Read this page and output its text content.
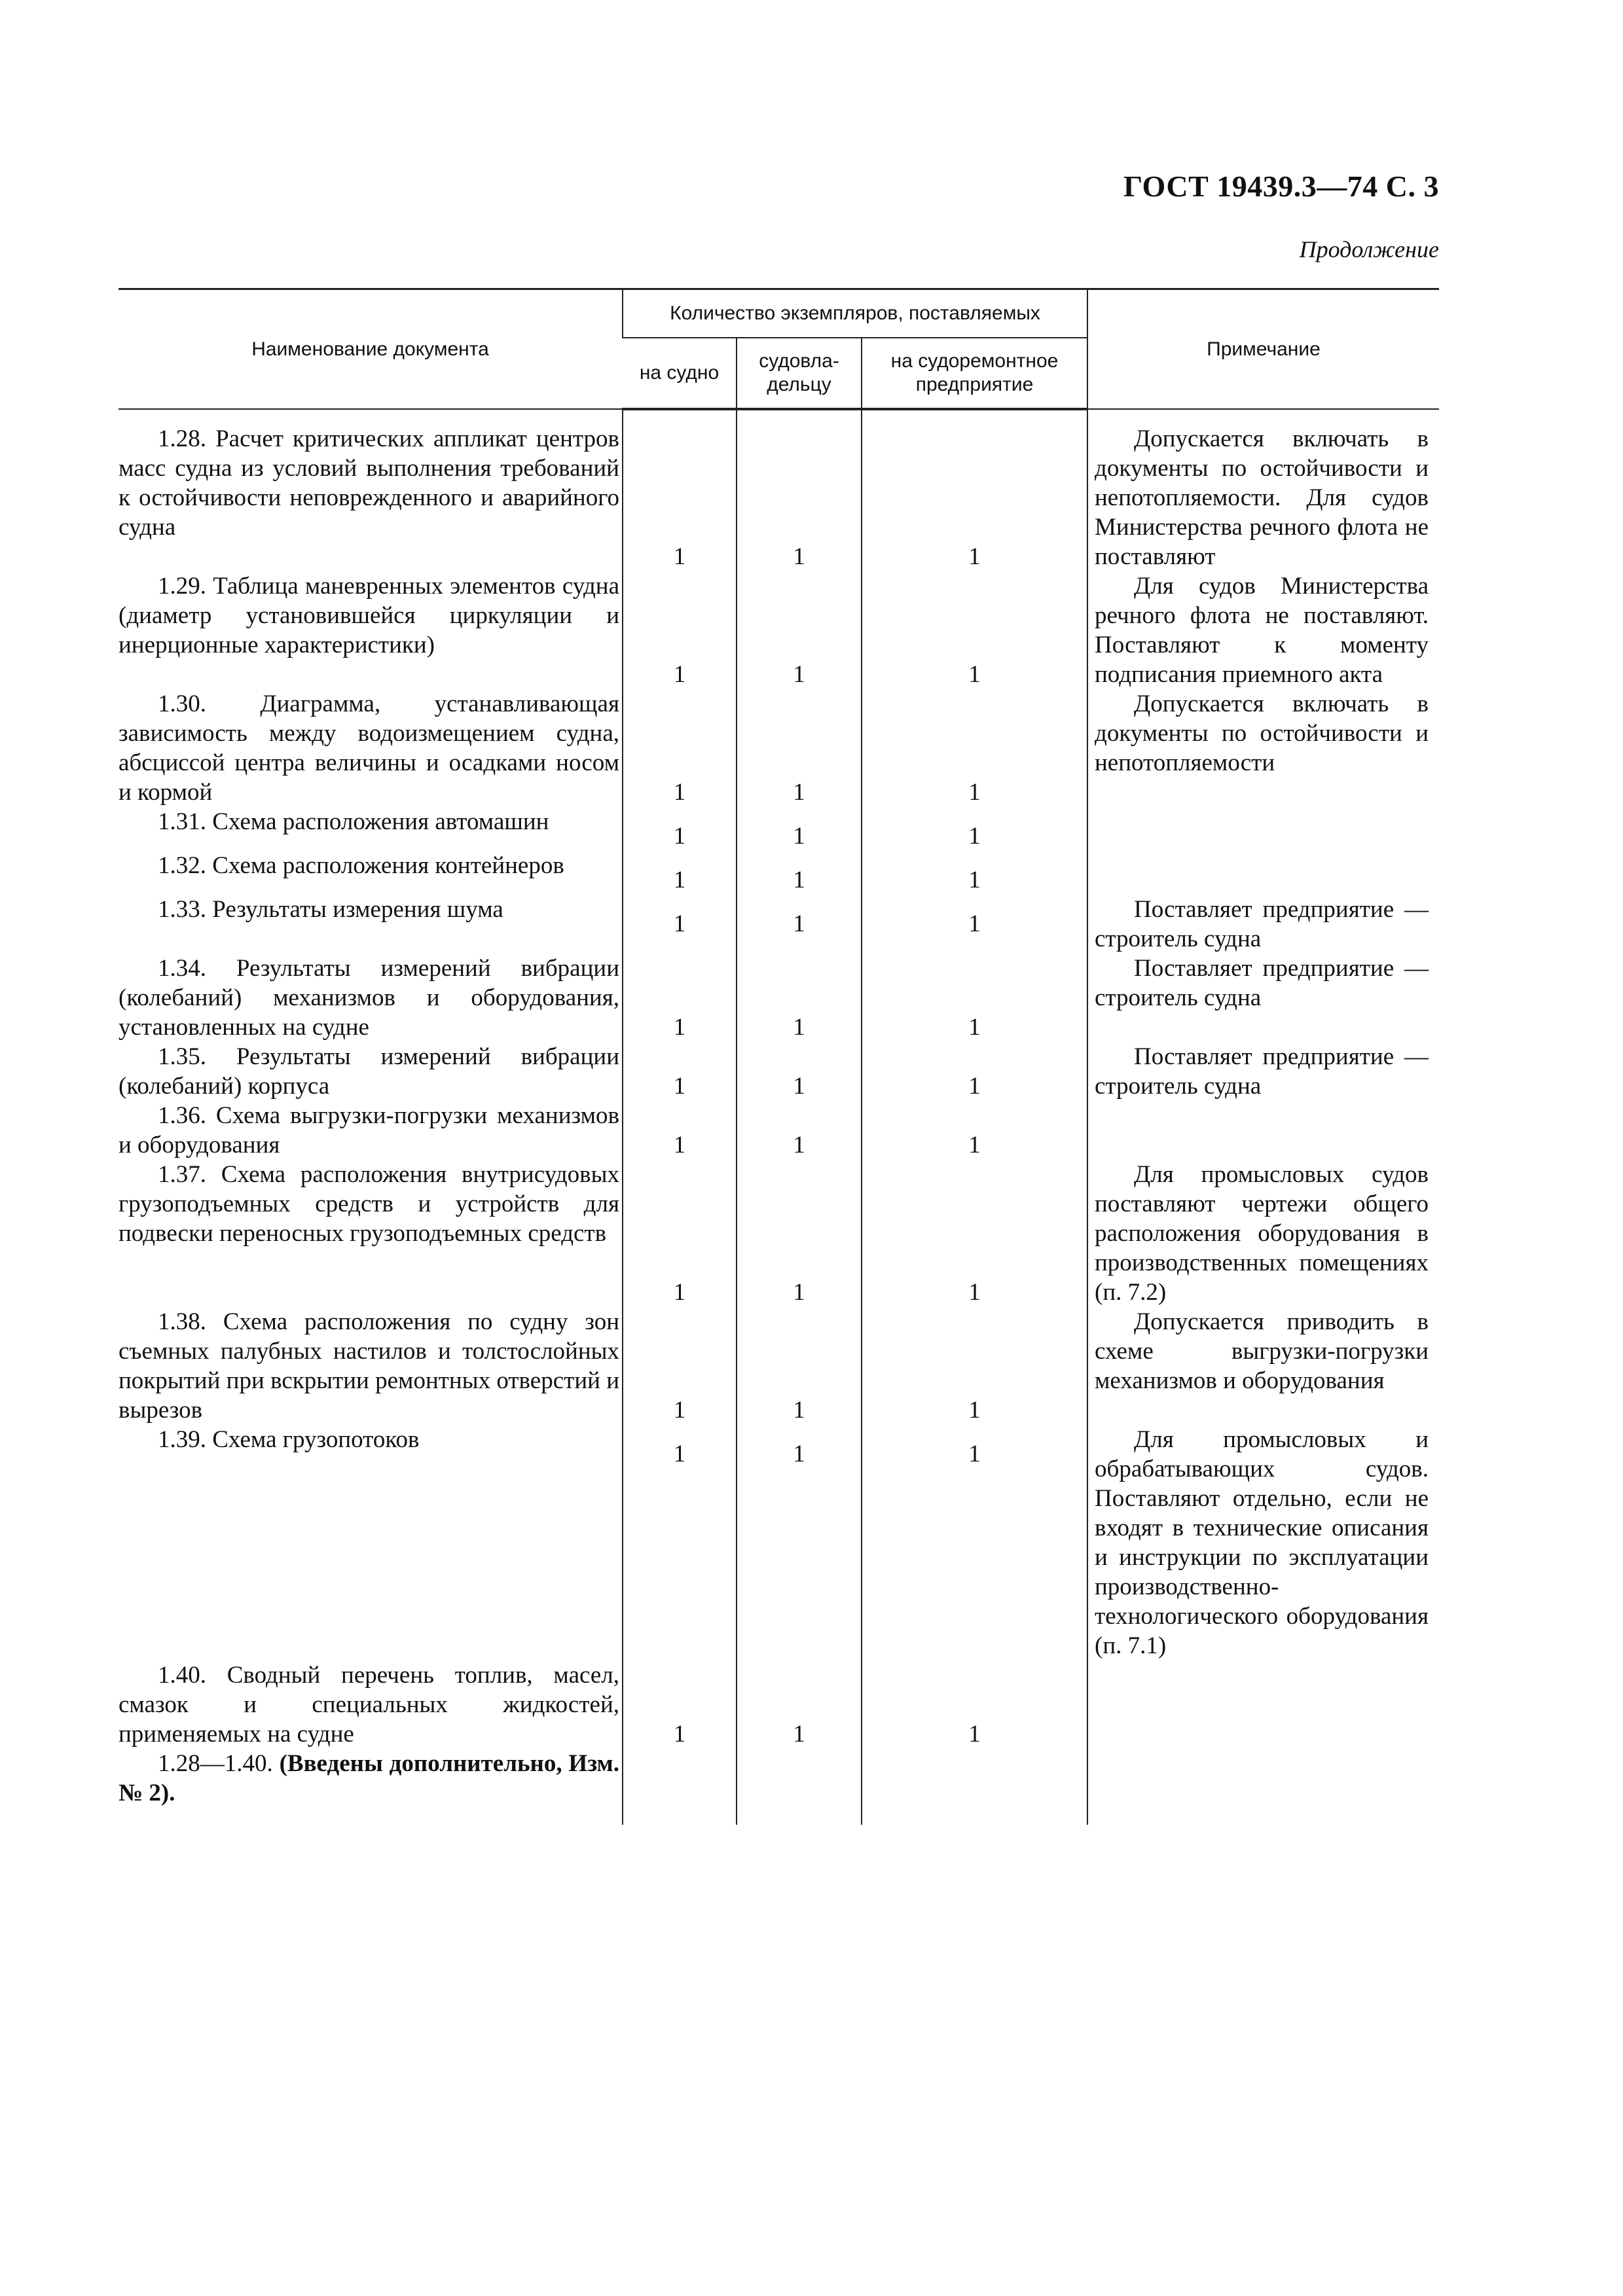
ГОСТ 19439.3—74 С. 3
Продолжение
Наименование документа	Количество экземпляров, поставляемых			Примечание
	на судно	судовла-дельцу	на судоремонтное предприятие	

1.28. Расчет критических аппликат центров масс судна из условий выполнения требований к остойчивости неповрежденного и аварийного судна	1	1	1	Допускается включать в документы по остойчивости и непотопляемости. Для судов Министерства речного флота не поставляют

1.29. Таблица маневренных элементов судна (диаметр установившейся циркуляции и инерционные характеристики)	1	1	1	Для судов Министерства речного флота не поставляют. Поставляют к моменту подписания приемного акта

1.30. Диаграмма, устанавливающая зависимость между водоизмещением судна, абсциссой центра величины и осадками носом и кормой	1	1	1	Допускается включать в документы по остойчивости и непотопляемости

1.31. Схема расположения автомашин	1	1	1	

1.32. Схема расположения контейнеров	1	1	1	

1.33. Результаты измерения шума	1	1	1	Поставляет предприятие — строитель судна

1.34. Результаты измерений вибрации (колебаний) механизмов и оборудования, установленных на судне	1	1	1	Поставляет предприятие — строитель судна

1.35. Результаты измерений вибрации (колебаний) корпуса	1	1	1	Поставляет предприятие — строитель судна

1.36. Схема выгрузки-погрузки механизмов и оборудования	1	1	1	

1.37. Схема расположения внутрисудовых грузоподъемных средств и устройств для подвески переносных грузоподъемных средств	1	1	1	Для промысловых судов поставляют чертежи общего расположения оборудования в производственных помещениях (п. 7.2)

1.38. Схема расположения по судну зон съемных палубных настилов и толстослойных покрытий при вскрытии ремонтных отверстий и вырезов	1	1	1	Допускается приводить в схеме выгрузки-погрузки механизмов и оборудования

1.39. Схема грузопотоков	1	1	1	Для промысловых и обрабатывающих судов. Поставляют отдельно, если не входят в технические описания и инструкции по эксплуатации производственно-технологического оборудования (п. 7.1)

1.40. Сводный перечень топлив, масел, смазок и специальных жидкостей, применяемых на судне	1	1	1	

1.28—1.40. (Введены дополнительно, Изм. № 2).				
